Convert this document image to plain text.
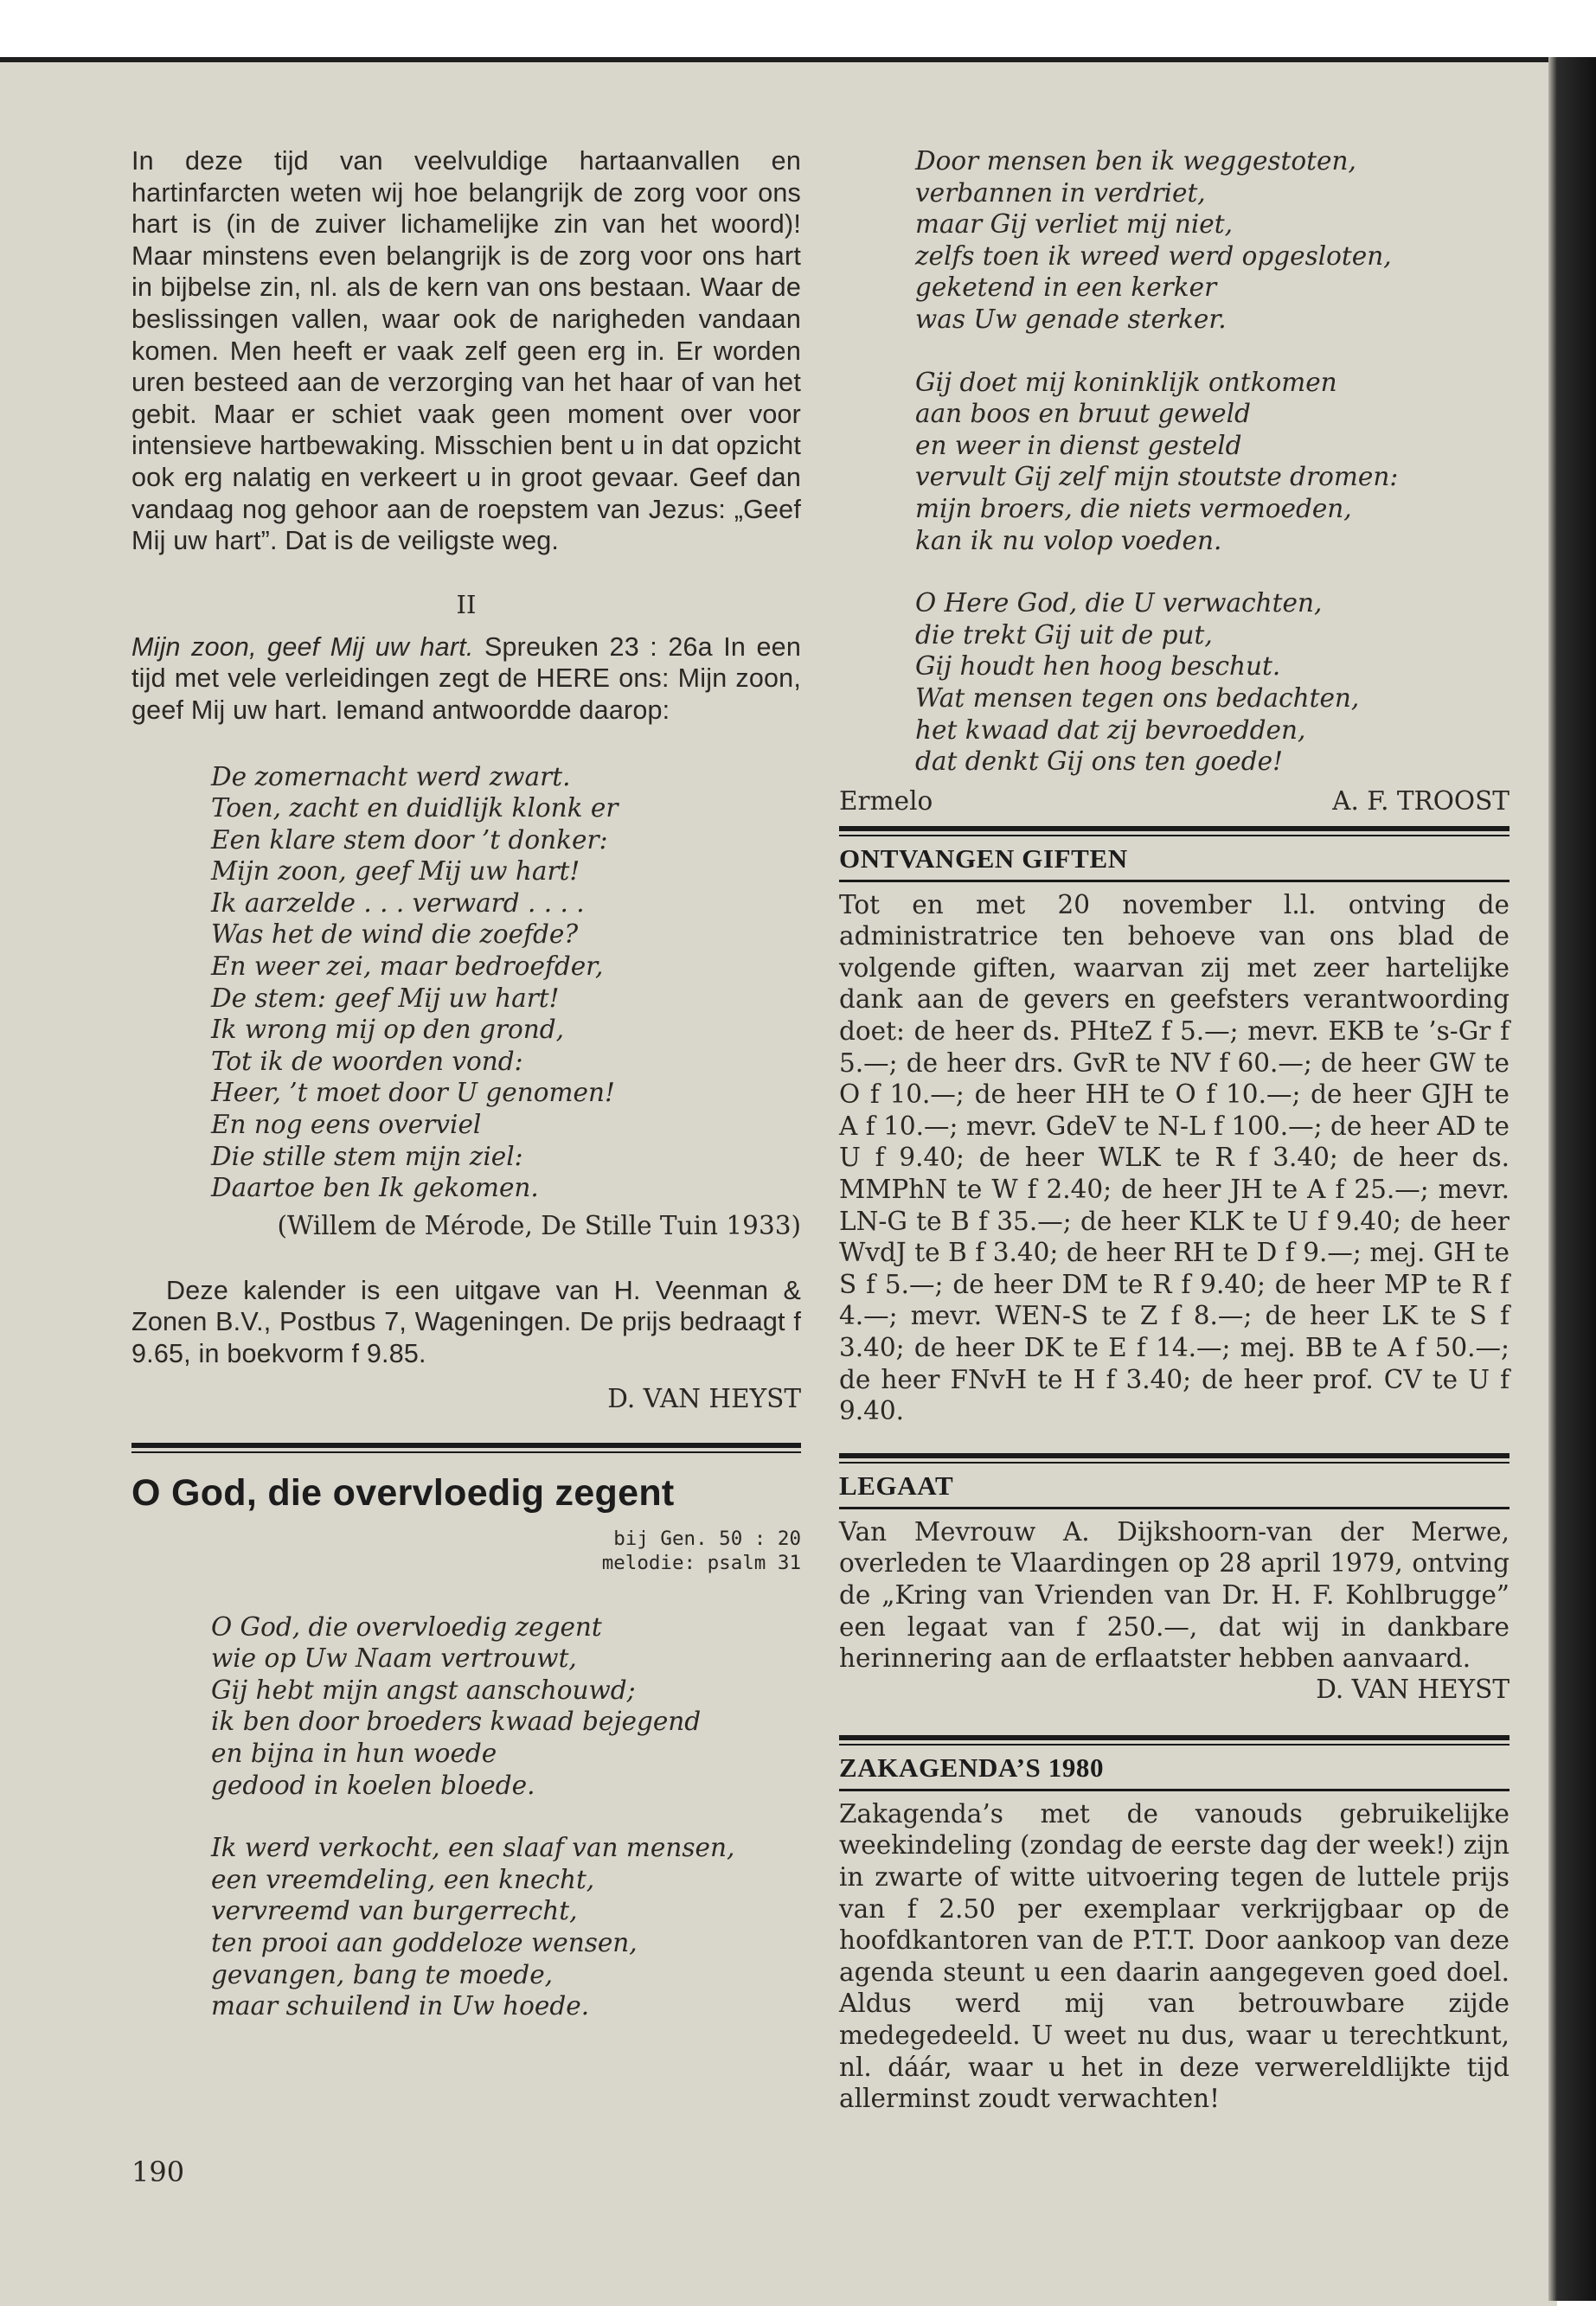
In deze tijd van veelvuldige hartaanvallen en hartinfarcten weten wij hoe belangrijk de zorg voor ons hart is (in de zuiver lichamelijke zin van het woord)! Maar minstens even belangrijk is de zorg voor ons hart in bijbelse zin, nl. als de kern van ons bestaan. Waar de beslissingen vallen, waar ook de narigheden vandaan komen. Men heeft er vaak zelf geen erg in. Er worden uren besteed aan de verzorging van het haar of van het gebit. Maar er schiet vaak geen moment over voor intensieve hartbewaking. Misschien bent u in dat opzicht ook erg nalatig en verkeert u in groot gevaar. Geef dan vandaag nog gehoor aan de roepstem van Jezus: „Geef Mij uw hart”. Dat is de veiligste weg.

II

Mijn zoon, geef Mij uw hart. Spreuken 23 : 26a In een tijd met vele verleidingen zegt de HERE ons: Mijn zoon, geef Mij uw hart. Iemand antwoordde daarop:

De zomernacht werd zwart.
Toen, zacht en duidlijk klonk er
Een klare stem door ’t donker:
Mijn zoon, geef Mij uw hart!
Ik aarzelde . . . verward . . . .
Was het de wind die zoefde?
En weer zei, maar bedroefder,
De stem: geef Mij uw hart!
Ik wrong mij op den grond,
Tot ik de woorden vond:
Heer, ’t moet door U genomen!
En nog eens overviel
Die stille stem mijn ziel:
Daartoe ben Ik gekomen.

(Willem de Mérode, De Stille Tuin 1933)

Deze kalender is een uitgave van H. Veenman & Zonen B.V., Postbus 7, Wageningen. De prijs bedraagt f 9.65, in boekvorm f 9.85.

D. VAN HEYST

O God, die overvloedig zegent

bij Gen. 50 : 20
melodie: psalm 31

O God, die overvloedig zegent
wie op Uw Naam vertrouwt,
Gij hebt mijn angst aanschouwd;
ik ben door broeders kwaad bejegend
en bijna in hun woede
gedood in koelen bloede.
Ik werd verkocht, een slaaf van mensen,
een vreemdeling, een knecht,
vervreemd van burgerrecht,
ten prooi aan goddeloze wensen,
gevangen, bang te moede,
maar schuilend in Uw hoede.
Door mensen ben ik weggestoten,
verbannen in verdriet,
maar Gij verliet mij niet,
zelfs toen ik wreed werd opgesloten,
geketend in een kerker
was Uw genade sterker.
Gij doet mij koninklijk ontkomen
aan boos en bruut geweld
en weer in dienst gesteld
vervult Gij zelf mijn stoutste dromen:
mijn broers, die niets vermoeden,
kan ik nu volop voeden.
O Here God, die U verwachten,
die trekt Gij uit de put,
Gij houdt hen hoog beschut.
Wat mensen tegen ons bedachten,
het kwaad dat zij bevroedden,
dat denkt Gij ons ten goede!

Ermelo	A. F. TROOST

ONTVANGEN GIFTEN

Tot en met 20 november l.l. ontving de administratrice ten behoeve van ons blad de volgende giften, waarvan zij met zeer hartelijke dank aan de gevers en geefsters verantwoording doet: de heer ds. PHteZ f 5.—; mevr. EKB te ’s-Gr f 5.—; de heer drs. GvR te NV f 60.—; de heer GW te O f 10.—; de heer HH te O f 10.—; de heer GJH te A f 10.—; mevr. GdeV te N-L f 100.—; de heer AD te U f 9.40; de heer WLK te R f 3.40; de heer ds. MMPhN te W f 2.40; de heer JH te A f 25.—; mevr. LN-G te B f 35.—; de heer KLK te U f 9.40; de heer WvdJ te B f 3.40; de heer RH te D f 9.—; mej. GH te S f 5.—; de heer DM te R f 9.40; de heer MP te R f 4.—; mevr. WEN-S te Z f 8.—; de heer LK te S f 3.40; de heer DK te E f 14.—; mej. BB te A f 50.—; de heer FNvH te H f 3.40; de heer prof. CV te U f 9.40.

LEGAAT

Van Mevrouw A. Dijkshoorn-van der Merwe, overleden te Vlaardingen op 28 april 1979, ontving de „Kring van Vrienden van Dr. H. F. Kohlbrugge” een legaat van f 250.—, dat wij in dankbare herinnering aan de erflaatster hebben aanvaard.

D. VAN HEYST

ZAKAGENDA’S 1980

Zakagenda’s met de vanouds gebruikelijke weekindeling (zondag de eerste dag der week!) zijn in zwarte of witte uitvoering tegen de luttele prijs van f 2.50 per exemplaar verkrijgbaar op de hoofdkantoren van de P.T.T. Door aankoop van deze agenda steunt u een daarin aangegeven goed doel. Aldus werd mij van betrouwbare zijde medegedeeld. U weet nu dus, waar u terechtkunt, nl. dáár, waar u het in deze verwereldlijkte tijd allerminst zoudt verwachten!

190
